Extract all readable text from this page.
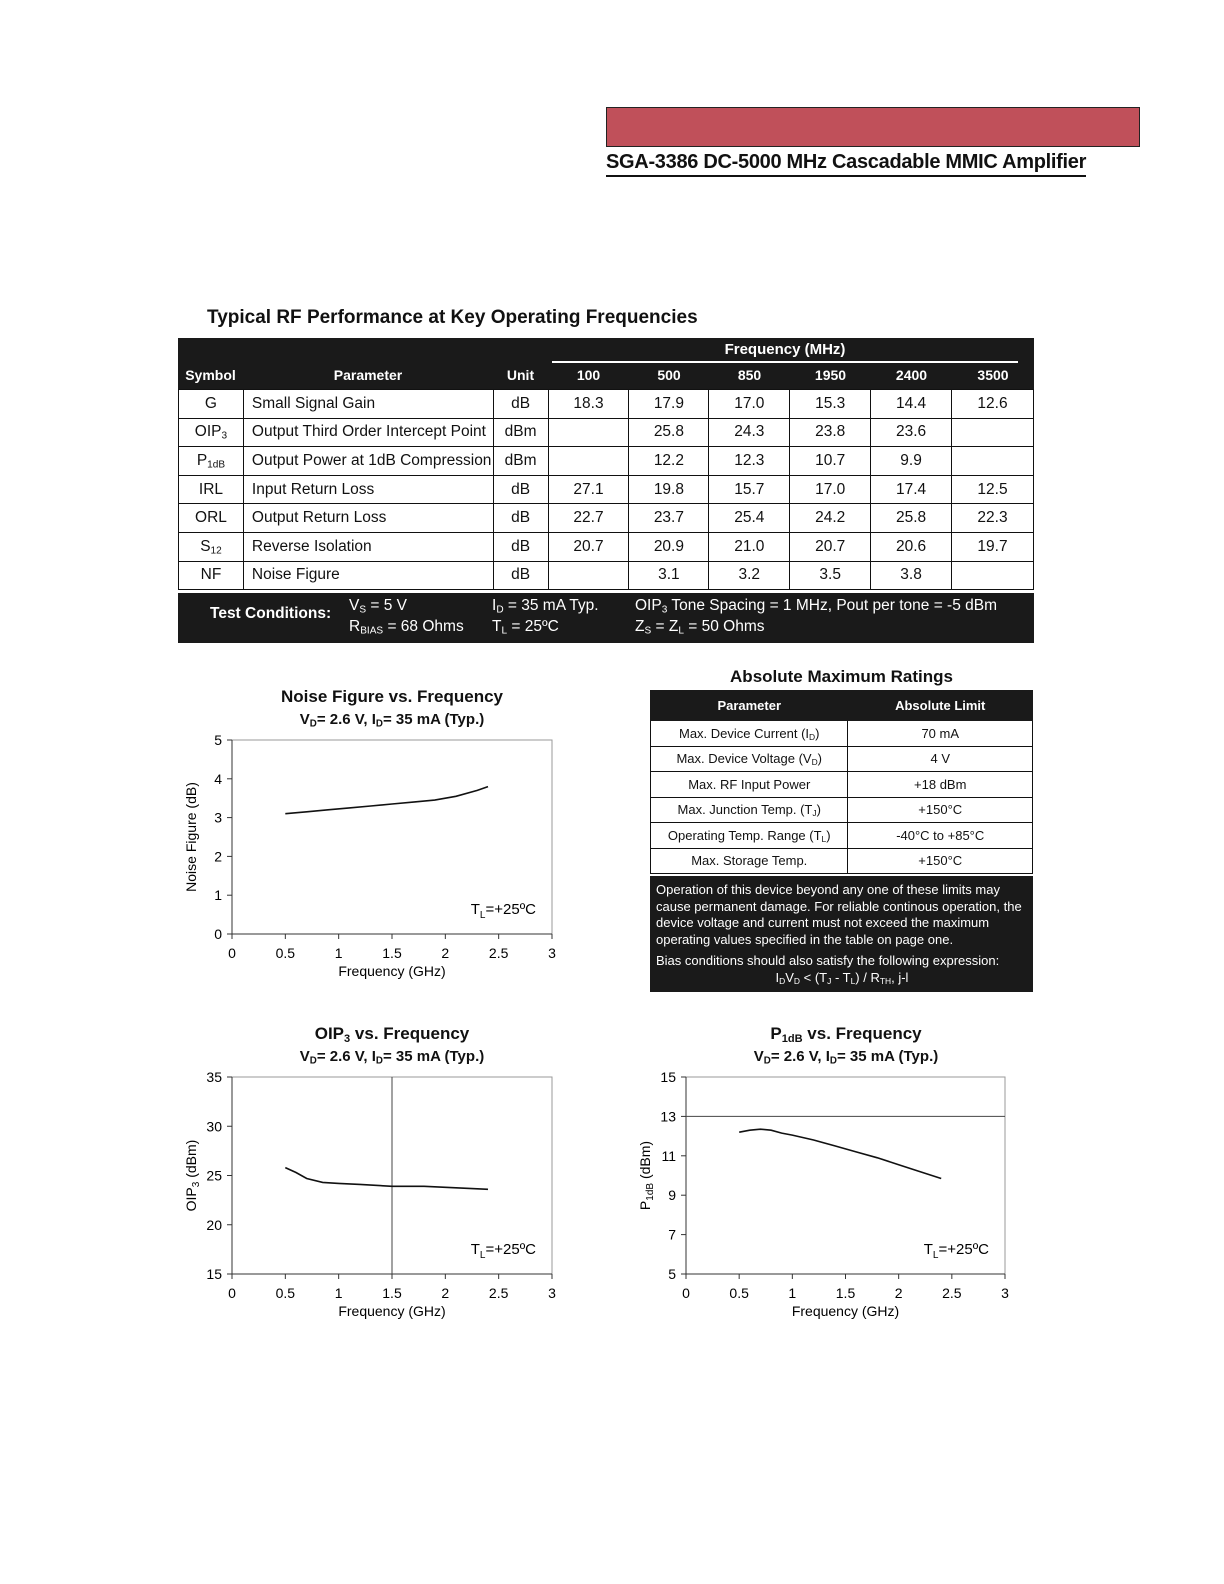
SGA-3386 DC-5000 MHz Cascadable MMIC Amplifier
Typical RF Performance at Key Operating Frequencies
Frequency (MHz)
Symbol	Parameter	Unit	100	500	850	1950	2400	3500
G	Small Signal Gain	dB	18.3	17.9	17.0	15.3	14.4	12.6
$OIP_3$	Output Third Order Intercept Point	dBm		25.8	24.3	23.8	23.6	
$P_{1dB}$	Output Power at 1dB Compression	dBm		12.2	12.3	10.7	9.9	
IRL	Input Return Loss	dB	27.1	19.8	15.7	17.0	17.4	12.5
ORL	Output Return Loss	dB	22.7	23.7	25.4	24.2	25.8	22.3
$S_{12}$	Reverse Isolation	dB	20.7	20.9	21.0	20.7	20.6	19.7
NF	Noise Figure	dB		3.1	3.2	3.5	3.8	
Test Conditions: $V_S = 5$ V
$R_{BIAS} = 68$ Ohms
$I_D = 35$ mA Typ.
$T_L$ = 25ºC
$OIP_3$ Tone Spacing = 1 MHz, Pout per tone = -5 dBm
$Z_S = Z_L = 50$ Ohms
Noise Figure vs. Frequency
$V_D= 2.6$ V, $I_D= 35$ mA (Typ.)
0	0.5	1	1.5	2	2.5	3
0
1
2
3
4
5
Frequency (GHz)
Noise Figure (dB)
$T_L=+25ºC$
$OIP_3$ vs. Frequency
$V_D= 2.6$ V, $I_D= 35$ mA (Typ.)
0	0.5	1	1.5	2	2.5	3
15
20
25
30
35
Frequency (GHz)
$OIP_3$ (dBm)
$T_L=+25ºC$
$P_{1dB}$ vs. Frequency
$V_D= 2.6$ V, $I_D= 35$ mA (Typ.)
0	0.5	1	1.5	2	2.5	3
5
7
9
11
13
15
Frequency (GHz)
$P_{1dB}$ (dBm)
$T_L=+25ºC$
Absolute Maximum Ratings
Parameter	Absolute Limit
Max. Device Current $(I_D)$	70 mA
Max. Device Voltage $(V_D)$	4 V
Max. RF Input Power	+18 dBm
Max. Junction Temp. $(T_J)$	+150°C
Operating Temp. Range $(T_L)$	-40°C to +85°C
Max. Storage Temp.	+150°C

Operation of this device beyond any one of these limits may cause permanent damage. For reliable continous operation, the device voltage and current must not exceed the maximum operating values specified in the table on page one.

Bias conditions should also satisfy the following expression:

$I_DV_D < (T_J - T_L) / R_{TH}$, j-l
